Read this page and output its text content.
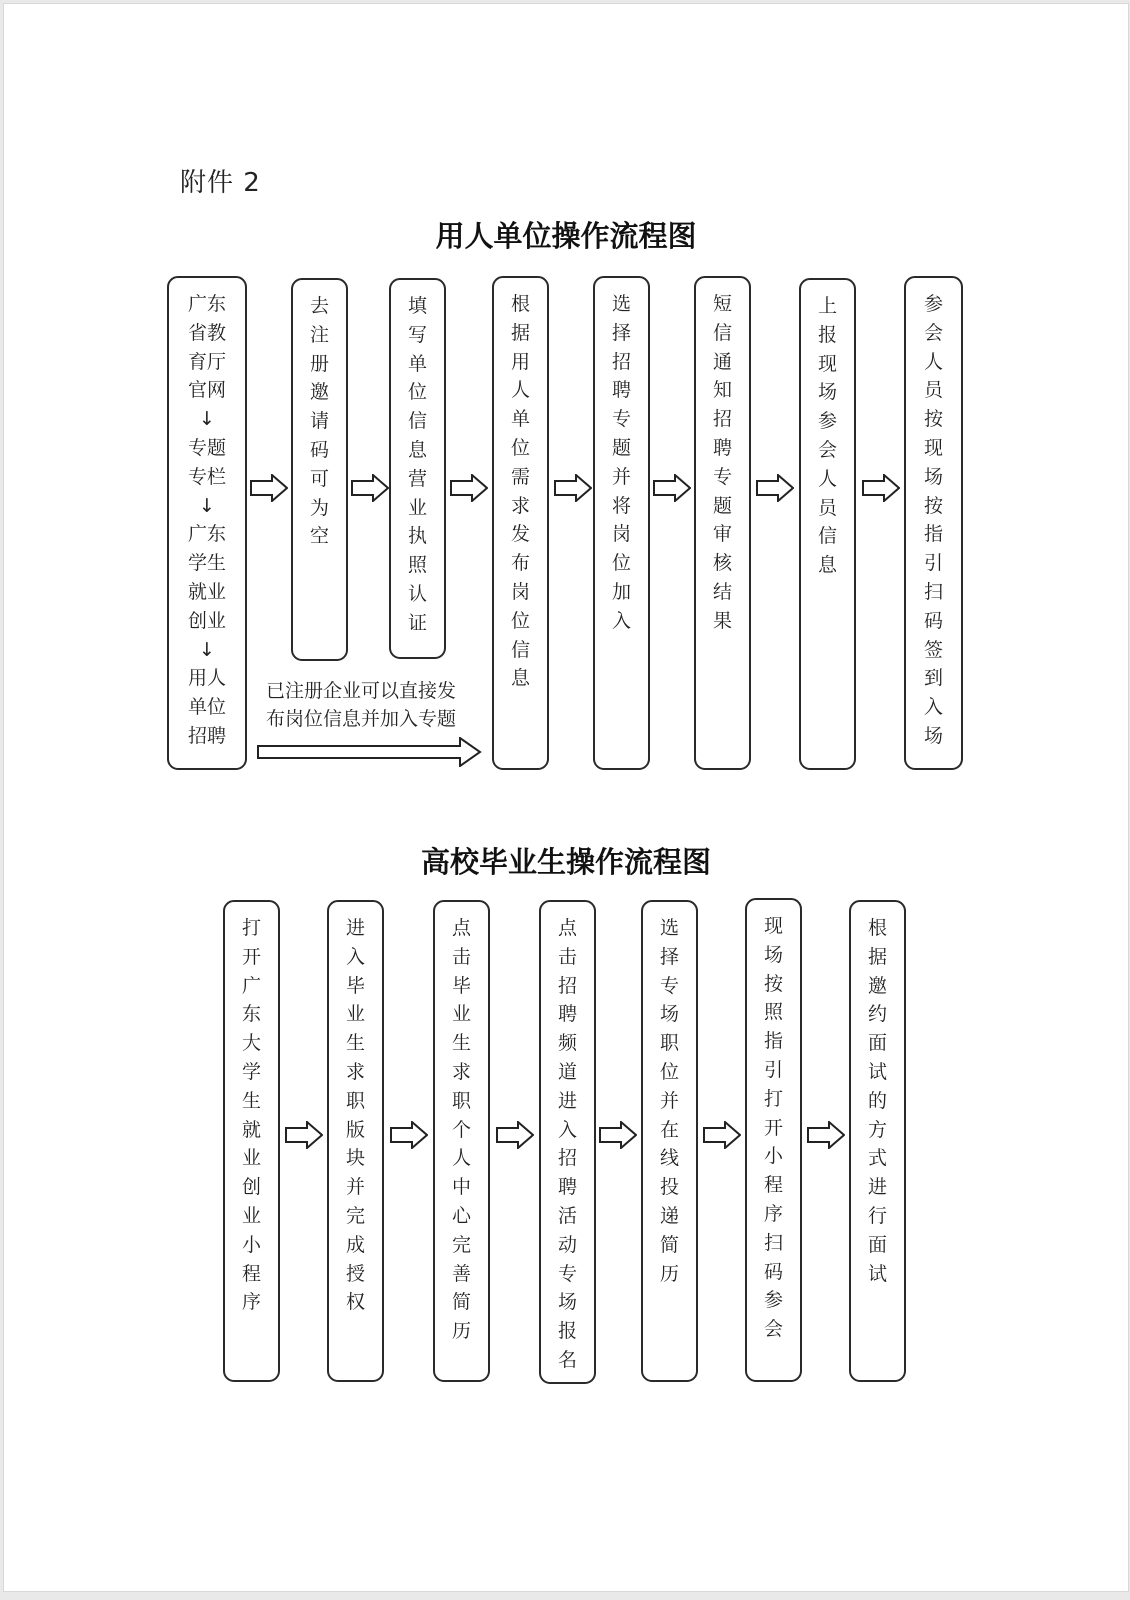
附件 2
用人单位操作流程图
广东
省教
育厅
官网
↓
专题
专栏
↓
广东
学生
就业
创业
↓
用人
单位
招聘
去
注
册
邀
请
码
可
为
空
填
写
单
位
信
息
营
业
执
照
认
证
根
据
用
人
单
位
需
求
发
布
岗
位
信
息
选
择
招
聘
专
题
并
将
岗
位
加
入
短
信
通
知
招
聘
专
题
审
核
结
果
上
报
现
场
参
会
人
员
信
息
参
会
人
员
按
现
场
按
指
引
扫
码
签
到
入
场
已注册企业可以直接发
布岗位信息并加入专题
高校毕业生操作流程图
打
开
广
东
大
学
生
就
业
创
业
小
程
序
进
入
毕
业
生
求
职
版
块
并
完
成
授
权
点
击
毕
业
生
求
职
个
人
中
心
完
善
简
历
点
击
招
聘
频
道
进
入
招
聘
活
动
专
场
报
名
选
择
专
场
职
位
并
在
线
投
递
简
历
现
场
按
照
指
引
打
开
小
程
序
扫
码
参
会
根
据
邀
约
面
试
的
方
式
进
行
面
试
